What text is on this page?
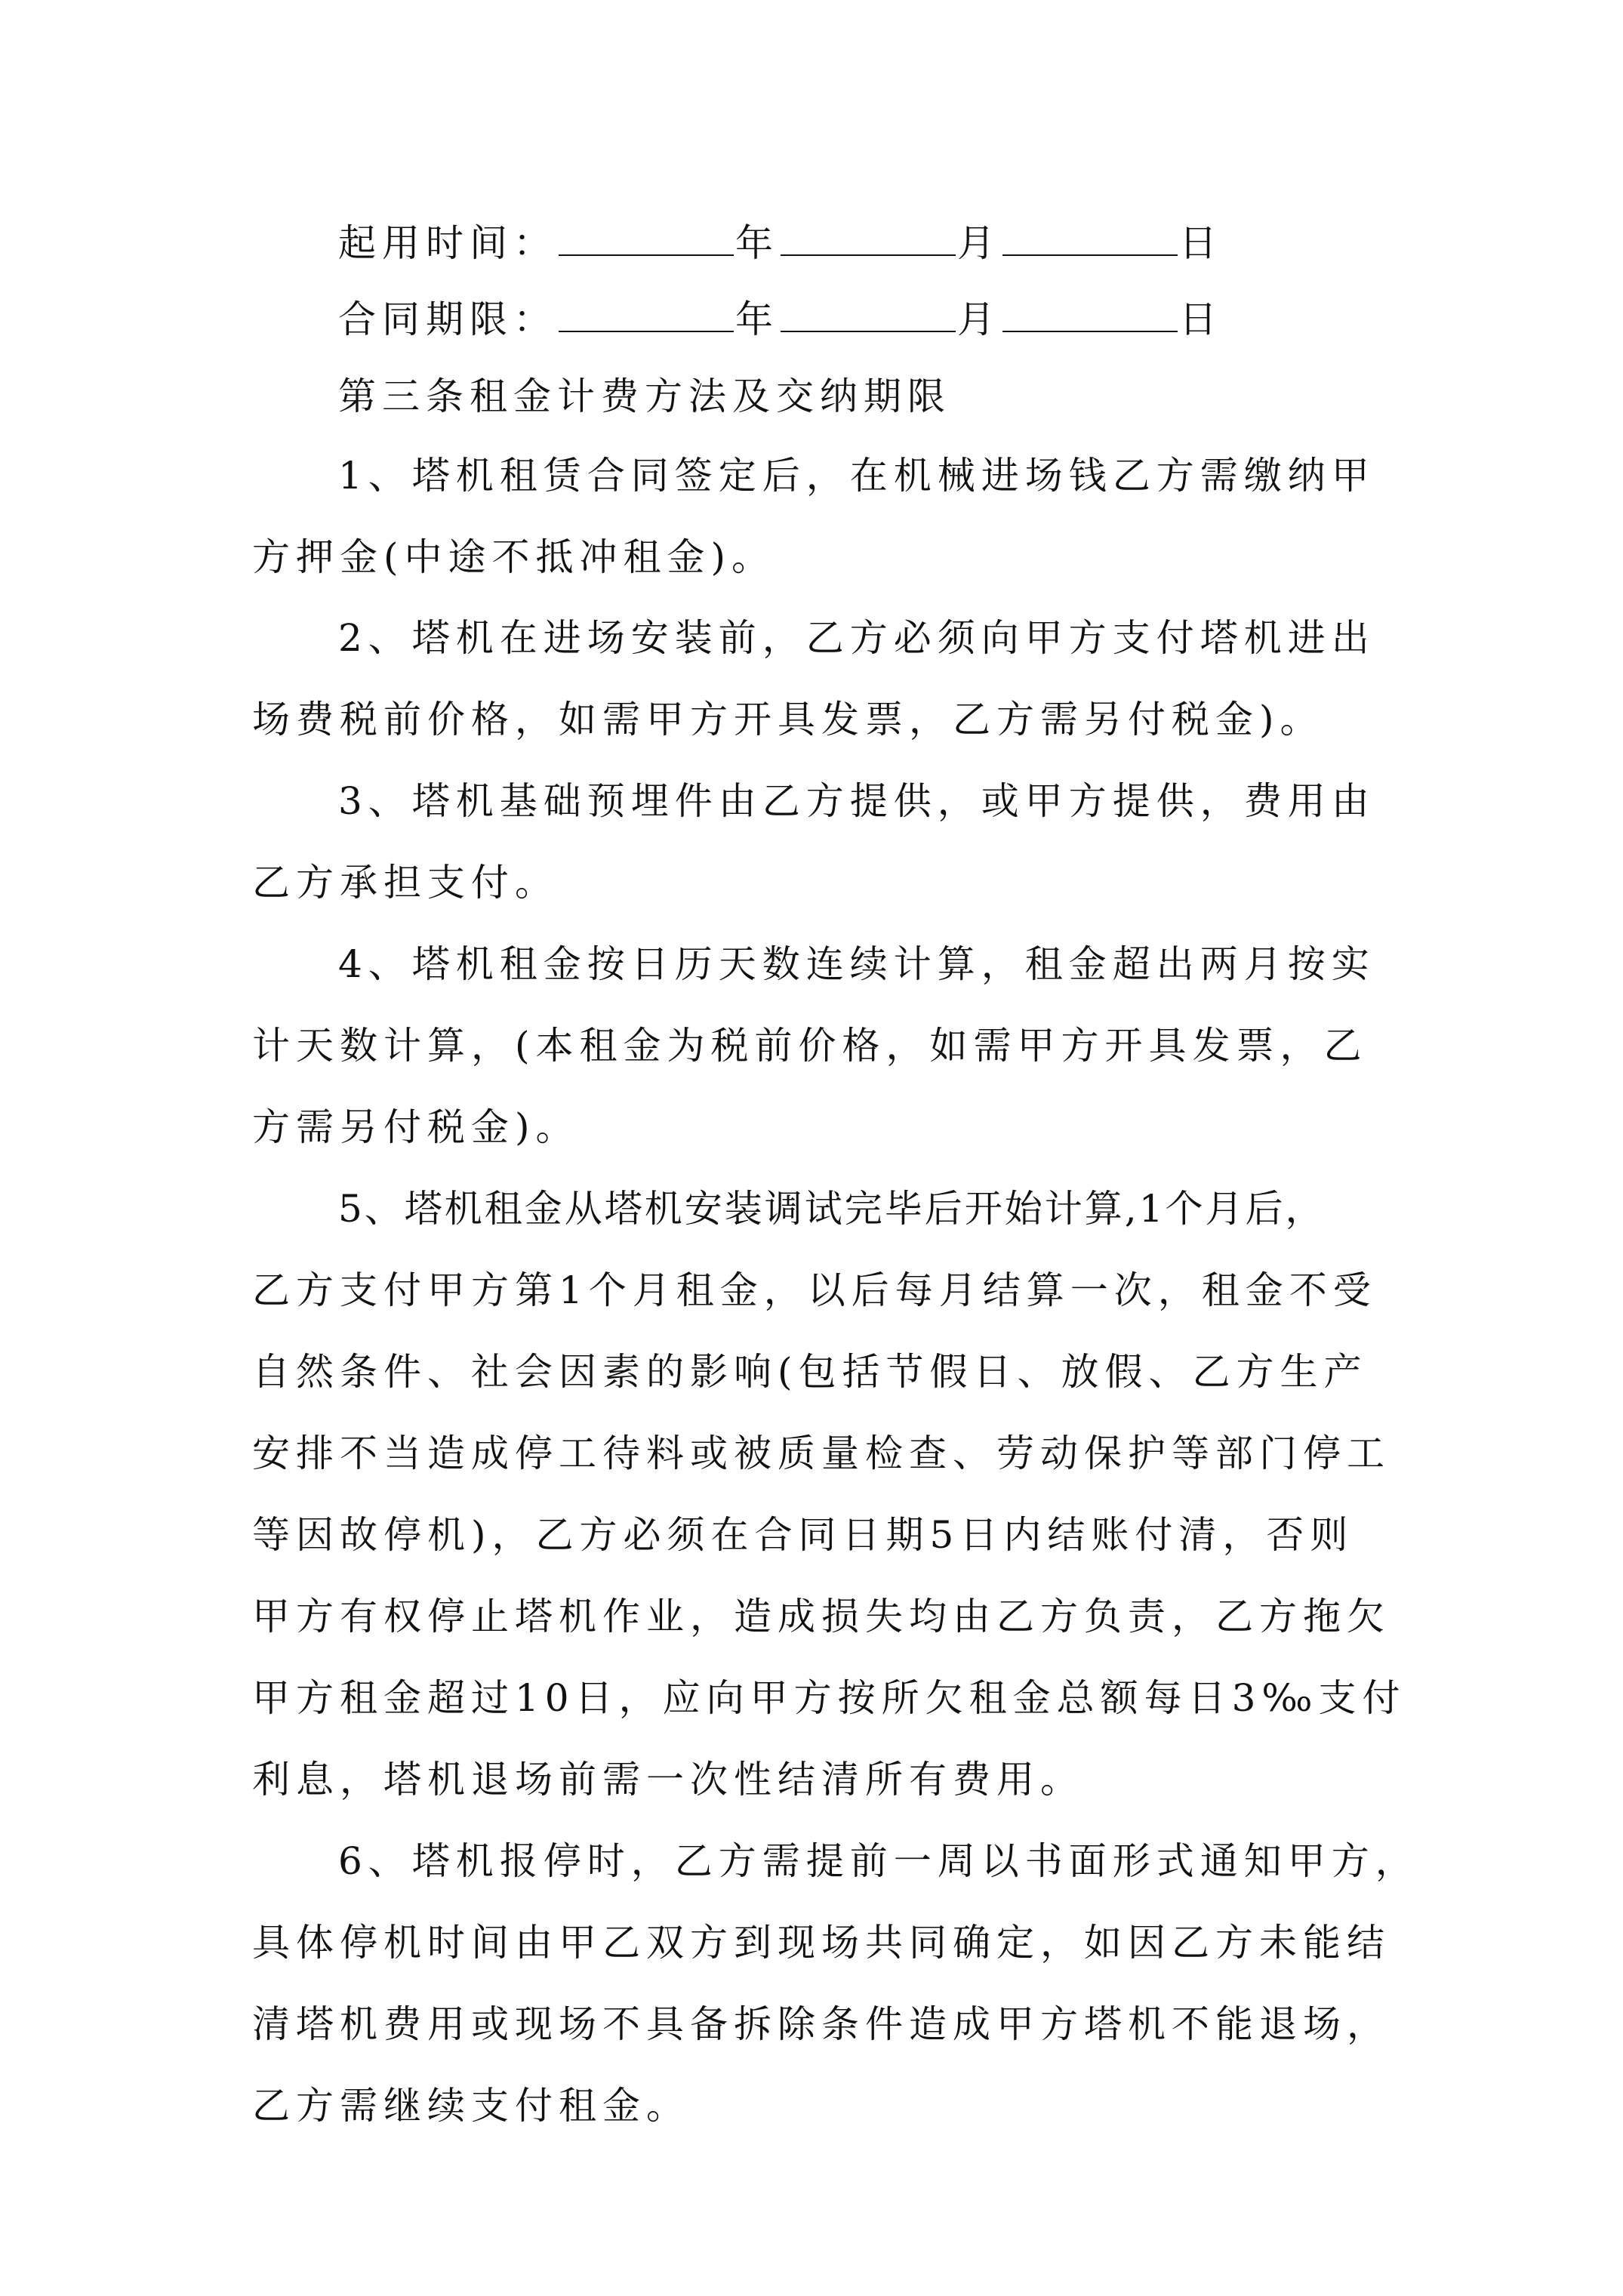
起用时间：	年	月	日
合同期限：	年	月	日
第三条租金计费方法及交纳期限
1、塔机租赁合同签定后，在机械进场钱乙方需缴纳甲
方押金(中途不抵冲租金)。
2、塔机在进场安装前，乙方必须向甲方支付塔机进出
场费税前价格，如需甲方开具发票，乙方需另付税金)。
3、塔机基础预埋件由乙方提供，或甲方提供，费用由
乙方承担支付。
4、塔机租金按日历天数连续计算，租金超出两月按实
计天数计算，(本租金为税前价格，如需甲方开具发票，乙
方需另付税金)。
5、塔机租金从塔机安装调试完毕后开始计算,1个月后，
乙方支付甲方第1个月租金，以后每月结算一次，租金不受
自然条件、社会因素的影响(包括节假日、放假、乙方生产
安排不当造成停工待料或被质量检查、劳动保护等部门停工
等因故停机)，乙方必须在合同日期5日内结账付清，否则
甲方有权停止塔机作业，造成损失均由乙方负责，乙方拖欠
甲方租金超过10日，应向甲方按所欠租金总额每日3‰支付
利息，塔机退场前需一次性结清所有费用。
6、塔机报停时，乙方需提前一周以书面形式通知甲方，
具体停机时间由甲乙双方到现场共同确定，如因乙方未能结
清塔机费用或现场不具备拆除条件造成甲方塔机不能退场，
乙方需继续支付租金。
